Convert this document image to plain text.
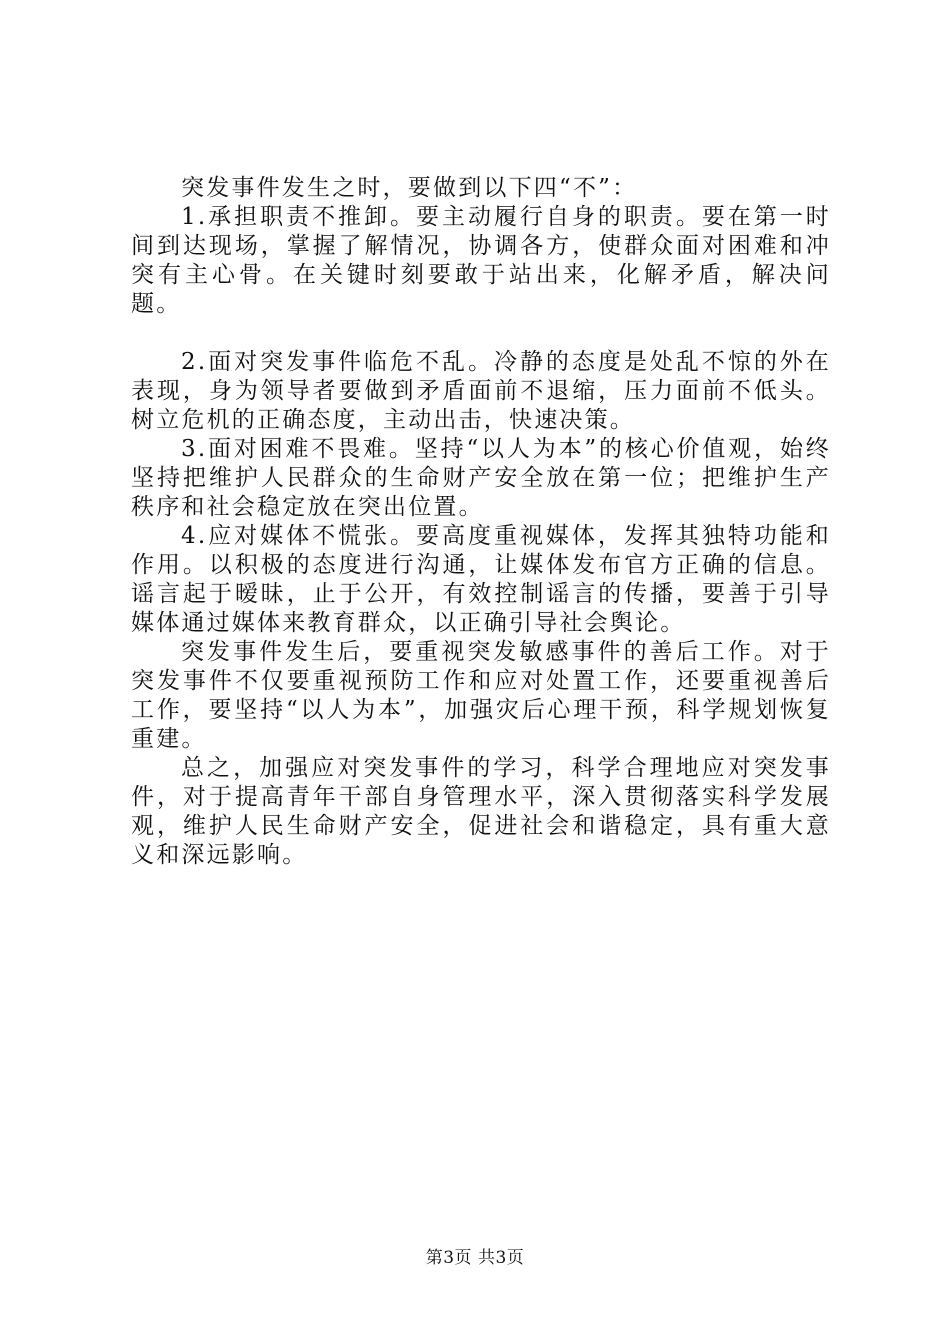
突发事件发生之时，要做到以下四“不”：

1.承担职责不推卸。要主动履行自身的职责。要在第一时间到达现场，掌握了解情况，协调各方，使群众面对困难和冲突有主心骨。在关键时刻要敢于站出来，化解矛盾，解决问题。

2.面对突发事件临危不乱。冷静的态度是处乱不惊的外在表现，身为领导者要做到矛盾面前不退缩，压力面前不低头。树立危机的正确态度，主动出击，快速决策。

3.面对困难不畏难。坚持“以人为本”的核心价值观，始终坚持把维护人民群众的生命财产安全放在第一位；把维护生产秩序和社会稳定放在突出位置。

4.应对媒体不慌张。要高度重视媒体，发挥其独特功能和作用。以积极的态度进行沟通，让媒体发布官方正确的信息。谣言起于暧昧，止于公开，有效控制谣言的传播，要善于引导媒体通过媒体来教育群众，以正确引导社会舆论。

突发事件发生后，要重视突发敏感事件的善后工作。对于突发事件不仅要重视预防工作和应对处置工作，还要重视善后工作，要坚持“以人为本”，加强灾后心理干预，科学规划恢复重建。

总之，加强应对突发事件的学习，科学合理地应对突发事件，对于提高青年干部自身管理水平，深入贯彻落实科学发展观，维护人民生命财产安全，促进社会和谐稳定，具有重大意义和深远影响。

第3页 共3页
